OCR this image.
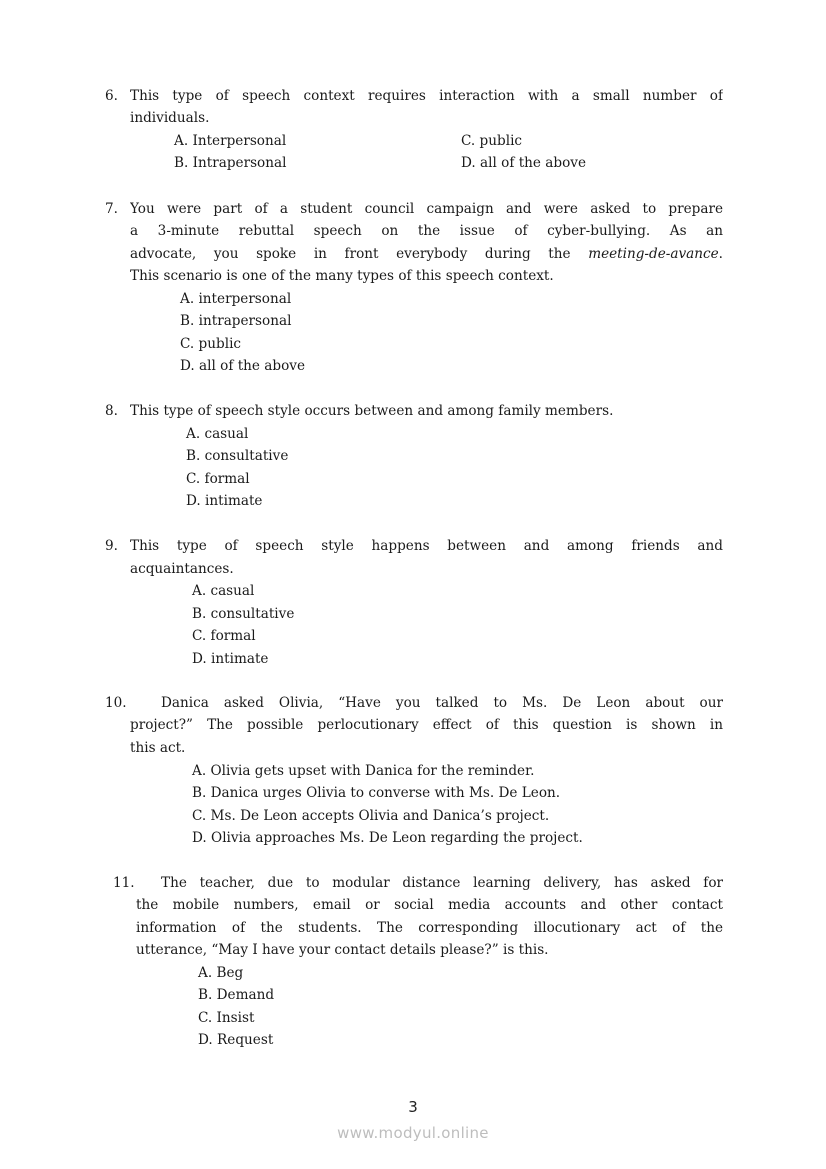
6. This type of speech context requires interaction with a small number of
individuals.
A. Interpersonal
B. Intrapersonal
C. public
D. all of the above
7. You were part of a student council campaign and were asked to prepare
a 3-minute rebuttal speech on the issue of cyber-bullying. As an
advocate, you spoke in front everybody during the meeting-de-avance.
This scenario is one of the many types of this speech context.
A. interpersonal
B. intrapersonal
C. public
D. all of the above
8. This type of speech style occurs between and among family members.
A. casual
B. consultative
C. formal
D. intimate
9. This type of speech style happens between and among friends and
acquaintances.
A. casual
B. consultative
C. formal
D. intimate
10.	Danica asked Olivia, “Have you talked to Ms. De Leon about our
project?” The possible perlocutionary effect of this question is shown in
this act.
A. Olivia gets upset with Danica for the reminder.
B. Danica urges Olivia to converse with Ms. De Leon.
C. Ms. De Leon accepts Olivia and Danica’s project.
D. Olivia approaches Ms. De Leon regarding the project.
11. The teacher, due to modular distance learning delivery, has asked for
the mobile numbers, email or social media accounts and other contact
information of the students. The corresponding illocutionary act of the
utterance, “May I have your contact details please?” is this.
A. Beg
B. Demand
C. Insist
D. Request
3
www.modyul.online
